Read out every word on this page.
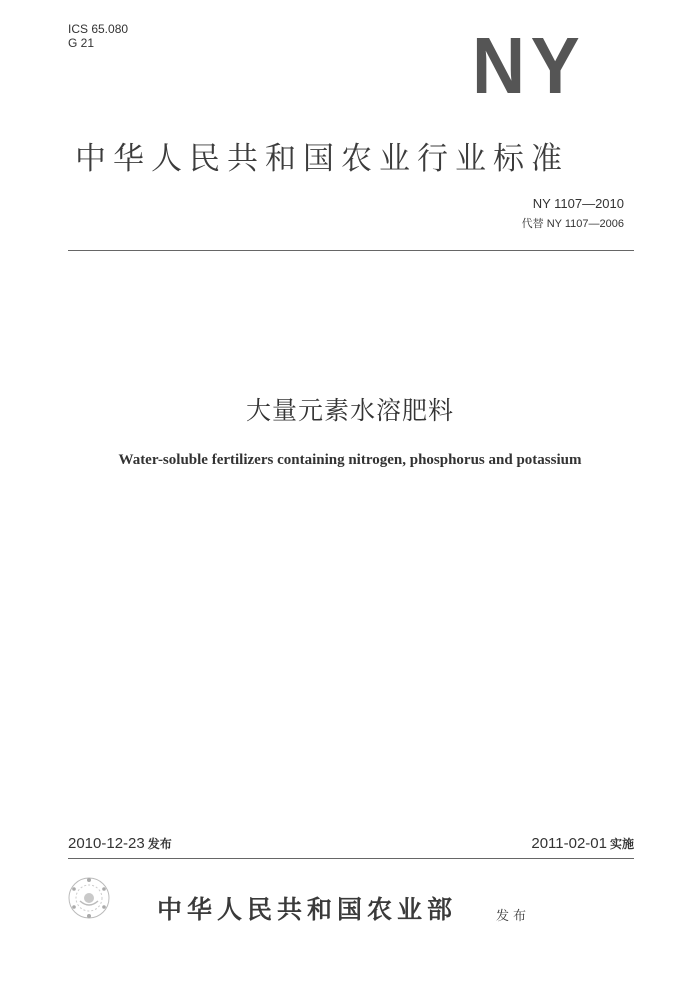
ICS 65.080
G 21	NY
中华人民共和国农业行业标准
NY 1107—2010
代替 NY 1107—2006
大量元素水溶肥料
Water-soluble fertilizers containing nitrogen, phosphorus and potassium
2010-12-23 发布	2011-02-01 实施
中华人民共和国农业部	发布
